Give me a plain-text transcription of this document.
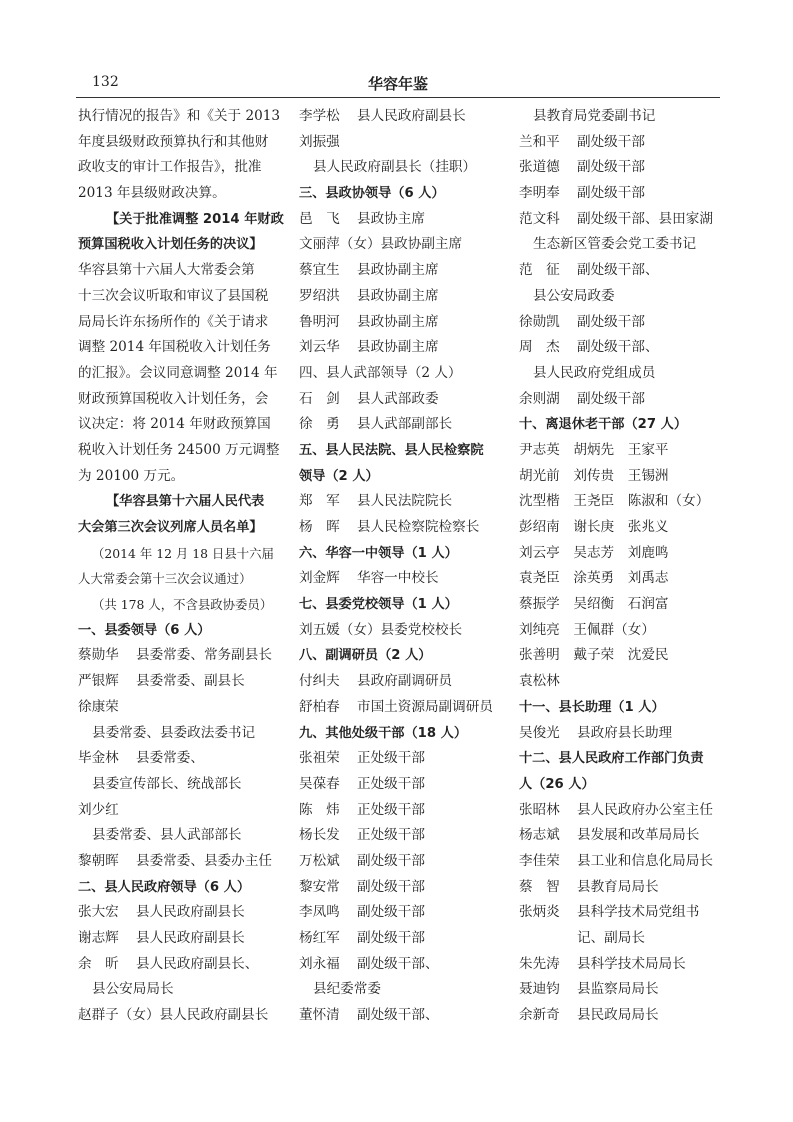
132	华容年鉴
执行情况的报告》和《关于 2013
年度县级财政预算执行和其他财
政收支的审计工作报告》，批准
2013 年县级财政决算。
【关于批准调整 2014 年财政
预算国税收入计划任务的决议】
华容县第十六届人大常委会第
十三次会议听取和审议了县国税
局局长许东扬所作的《关于请求
调整 2014 年国税收入计划任务
的汇报》。会议同意调整 2014 年
财政预算国税收入计划任务，会
议决定：将 2014 年财政预算国
税收入计划任务 24500 万元调整
为 20100 万元。
【华容县第十六届人民代表
大会第三次会议列席人员名单】
（2014 年 12 月 18 日县十六届
人大常委会第十三次会议通过）
（共 178 人，不含县政协委员）
一、县委领导（6 人）
蔡勋华 县委常委、常务副县长
严银辉 县委常委、副县长
徐康荣
县委常委、县委政法委书记
毕金林 县委常委、
县委宣传部长、统战部长
刘少红
县委常委、县人武部部长
黎朝晖 县委常委、县委办主任
二、县人民政府领导（6 人）
张大宏 县人民政府副县长
谢志辉 县人民政府副县长
余　昕 县人民政府副县长、
县公安局局长
赵群子（女）县人民政府副县长
李学松 县人民政府副县长
刘振强
县人民政府副县长（挂职）
三、县政协领导（6 人）
邑　飞 县政协主席
文丽萍（女）县政协副主席
蔡宜生 县政协副主席
罗绍洪 县政协副主席
鲁明河 县政协副主席
刘云华 县政协副主席
四、县人武部领导（2 人）
石　剑 县人武部政委
徐　勇 县人武部副部长
五、县人民法院、县人民检察院
领导（2 人）
郑　军 县人民法院院长
杨　晖 县人民检察院检察长
六、华容一中领导（1 人）
刘金辉 华容一中校长
七、县委党校领导（1 人）
刘五媛（女）县委党校校长
八、副调研员（2 人）
付纠夫 县政府副调研员
舒柏春 市国土资源局副调研员
九、其他处级干部（18 人）
张祖荣 正处级干部
吴葆春 正处级干部
陈　炜 正处级干部
杨长发 正处级干部
万松斌 副处级干部
黎安常 副处级干部
李凤鸣 副处级干部
杨红军 副处级干部
刘永福 副处级干部、
县纪委常委
董怀清 副处级干部、
县教育局党委副书记
兰和平 副处级干部
张道德 副处级干部
李明奉 副处级干部
范文科 副处级干部、县田家湖
生态新区管委会党工委书记
范　征 副处级干部、
县公安局政委
徐勋凯 副处级干部
周　杰 副处级干部、
县人民政府党组成员
余则湖 副处级干部
十、离退休老干部（27 人）
尹志英　胡炳先　王家平
胡光前　刘传贵　王锡洲
沈型楷　王尧臣　陈淑和（女）
彭绍南　谢长庚　张兆义
刘云亭　吴志芳　刘鹿鸣
袁尧臣　涂英勇　刘禹志
蔡振学　吴绍衡　石润富
刘纯亮　王佩群（女）
张善明　戴子荣　沈爱民
袁松林
十一、县长助理（1 人）
吴俊光 县政府县长助理
十二、县人民政府工作部门负责
人（26 人）
张昭林 县人民政府办公室主任
杨志斌 县发展和改革局局长
李佳荣 县工业和信息化局局长
蔡　智 县教育局局长
张炳炎 县科学技术局党组书
记、副局长
朱先涛 县科学技术局局长
聂迪钧 县监察局局长
余新奇 县民政局局长
